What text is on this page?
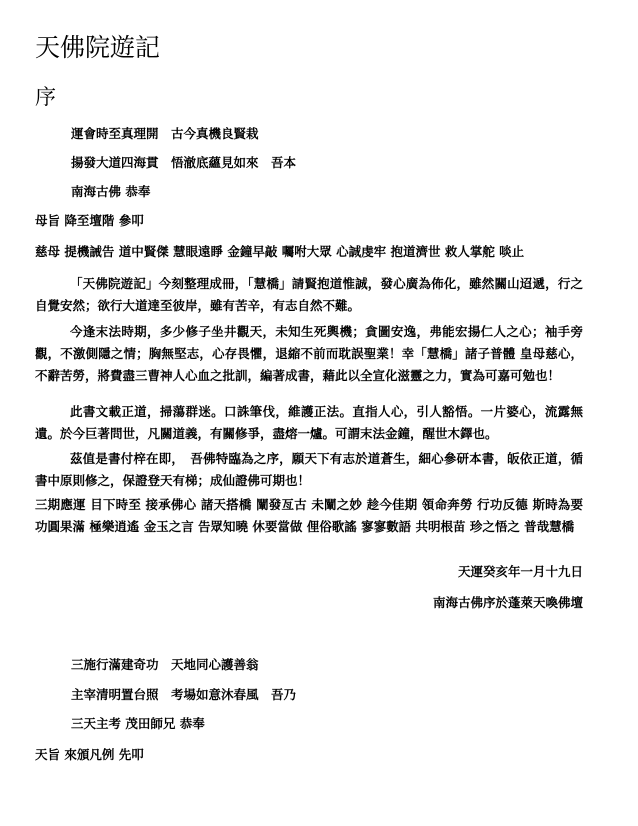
天佛院遊記
序

運會時至真理開　古今真機良賢栽

揚發大道四海貫　悟澈底蘊見如來　吾本

南海古佛 恭奉

母旨 降至壇階 參叩

慈母 提機誡告 道中賢傑 慧眼遠睜 金鐘早敲 囑咐大眾 心誠虔牢 抱道濟世 救人掌舵 啖止

「天佛院遊記」今刻整理成冊，「慧橋」請賢抱道惟誠，發心廣為佈化，雖然關山迢遞，行之自覺安然；欲行大道達至彼岸，雖有苦辛，有志自然不難。

今逢末法時期，多少修子坐井觀天，未知生死輿機；貪圖安逸，弗能宏揚仁人之心；袖手旁觀，不激側隱之情；胸無堅志，心存畏懼，退縮不前而耽誤聖業！幸「慧橋」諸子普體 皇母慈心，不辭苦勞，將費盡三曹神人心血之批訓，編著成書，藉此以全宣化滋靈之力，實為可嘉可勉也！

此書文載正道，掃蕩群迷。口誅筆伐，維護正法。直指人心，引人豁悟。一片婆心，流露無遺。於今巨著問世，凡關道義，有關修爭，盡熔一爐。可謂末法金鐘，醒世木鐸也。

茲值是書付梓在即，　吾佛特臨為之序，願天下有志於道蒼生，細心參研本書，皈依正道，循書中原則修之，保證登天有梯；成仙證佛可期也！

三期應運 目下時至 接承佛心 諸天搭橋 闡發亙古 未闡之妙 趁今佳期 領命奔勞 行功反德 斯時為要 功圓果滿 極樂逍遙 金玉之言 告眾知曉 休要當做 俚俗歌謠 寥寥數語 共明根苗 珍之悟之 普哉慧橋

天運癸亥年一月十九日

南海古佛序於蓬萊天喚佛壇

三施行滿建奇功　天地同心護善翁

主宰清明置台照　考場如意沐春風　吾乃

三天主考 茂田師兄 恭奉

天旨 來頒凡例 先叩
